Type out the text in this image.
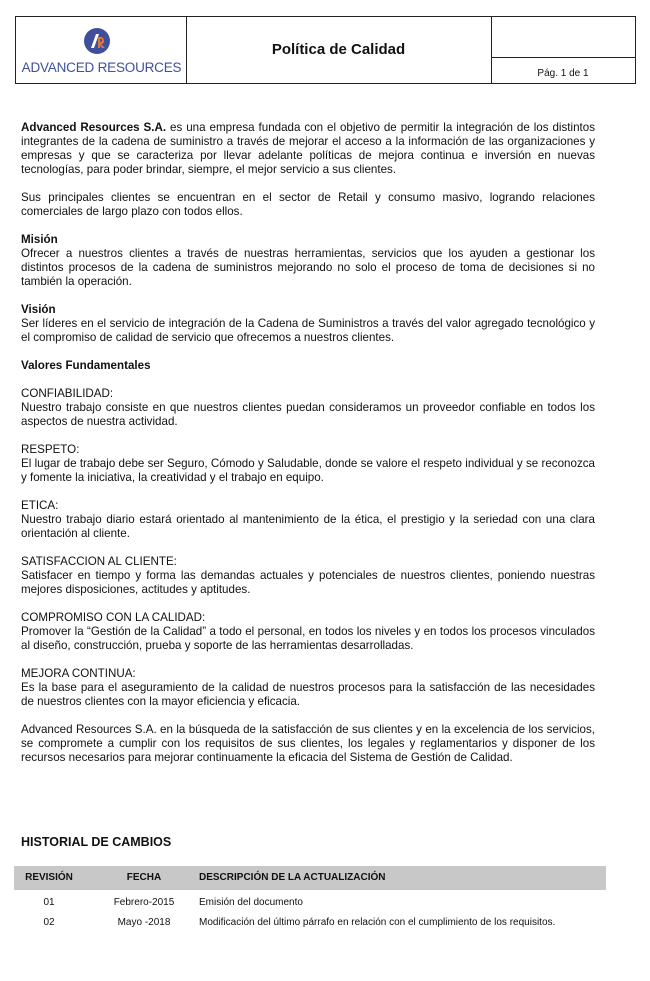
ADVANCED RESOURCES
Política de Calidad
Pág. 1 de 1

Advanced Resources S.A. es una empresa fundada con el objetivo de permitir la integración de los distintos integrantes de la cadena de suministro a través de mejorar el acceso a la información de las organizaciones y empresas y que se caracteriza por llevar adelante políticas de mejora continua e inversión en nuevas tecnologías, para poder brindar, siempre, el mejor servicio a sus clientes.

Sus principales clientes se encuentran en el sector de Retail y consumo masivo, logrando relaciones comerciales de largo plazo con todos ellos.

Misión

Ofrecer a nuestros clientes a través de nuestras herramientas, servicios que los ayuden a gestionar los distintos procesos de la cadena de suministros mejorando no solo el proceso de toma de decisiones si no también la operación.

Visión

Ser líderes en el servicio de integración de la Cadena de Suministros a través del valor agregado tecnológico y el compromiso de calidad de servicio que ofrecemos a nuestros clientes.

Valores Fundamentales

CONFIABILIDAD:

Nuestro trabajo consiste en que nuestros clientes puedan consideramos un proveedor confiable en todos los aspectos de nuestra actividad.

RESPETO:

El lugar de trabajo debe ser Seguro, Cómodo y Saludable, donde se valore el respeto individual y se reconozca y fomente la iniciativa, la creatividad y el trabajo en equipo.

ETICA:

Nuestro trabajo diario estará orientado al mantenimiento de la ética, el prestigio y la seriedad con una clara orientación al cliente.

SATISFACCION AL CLIENTE:

Satisfacer en tiempo y forma las demandas actuales y potenciales de nuestros clientes, poniendo nuestras mejores disposiciones, actitudes y aptitudes.

COMPROMISO CON LA CALIDAD:

Promover la “Gestión de la Calidad” a todo el personal, en todos los niveles y en todos los procesos vinculados al diseño, construcción, prueba y soporte de las herramientas desarrolladas.

MEJORA CONTINUA:

Es la base para el aseguramiento de la calidad de nuestros procesos para la satisfacción de las necesidades de nuestros clientes con la mayor eficiencia y eficacia.

Advanced Resources S.A. en la búsqueda de la satisfacción de sus clientes y en la excelencia de los servicios, se compromete a cumplir con los requisitos de sus clientes, los legales y reglamentarios y disponer de los recursos necesarios para mejorar continuamente la eficacia del Sistema de Gestión de Calidad.

HISTORIAL DE CAMBIOS
REVISIÓN	FECHA	DESCRIPCIÓN DE LA ACTUALIZACIÓN
01	Febrero-2015	Emisión del documento
02	Mayo -2018	Modificación del último párrafo en relación con el cumplimiento de los requisitos.
